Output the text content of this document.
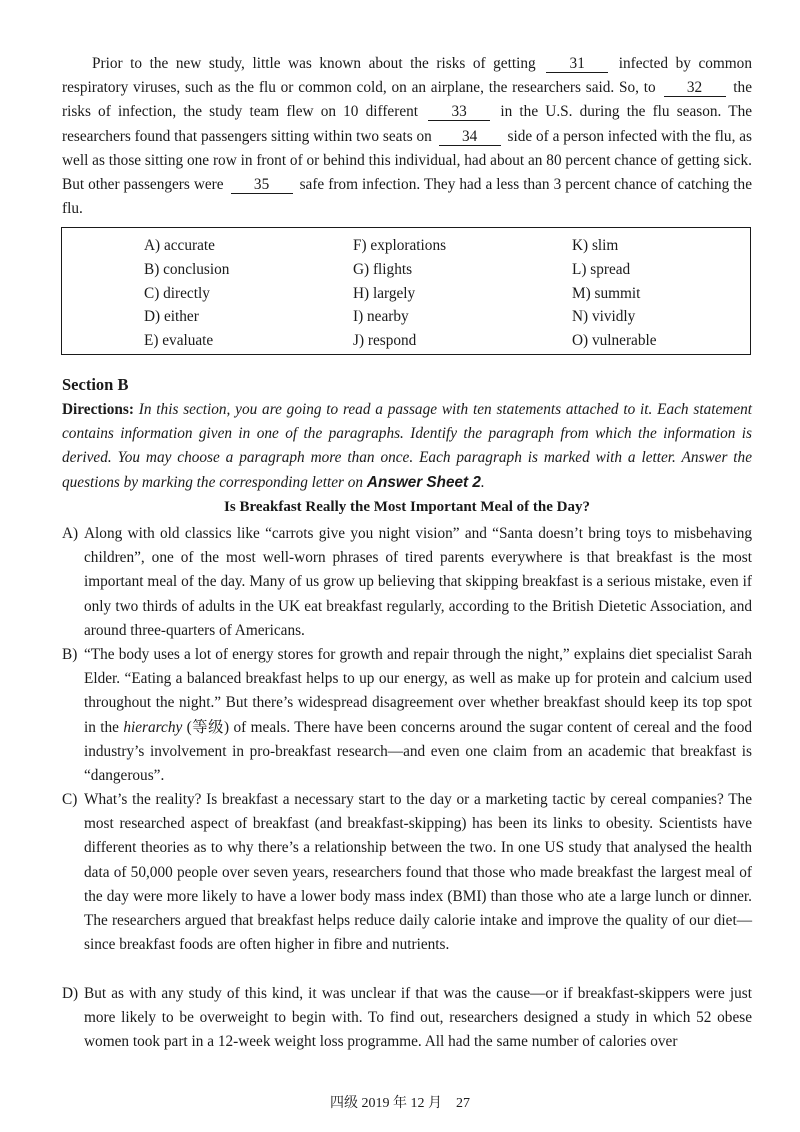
Prior to the new study, little was known about the risks of getting 31 infected by common respiratory viruses, such as the flu or common cold, on an airplane, the researchers said. So, to 32 the risks of infection, the study team flew on 10 different 33 in the U.S. during the flu season. The researchers found that passengers sitting within two seats on 34 side of a person infected with the flu, as well as those sitting one row in front of or behind this individual, had about an 80 percent chance of getting sick. But other passengers were 35 safe from infection. They had a less than 3 percent chance of catching the flu.

A) accurate
B) conclusion
C) directly
D) either
E) evaluate
F) explorations
G) flights
H) largely
I) nearby
J) respond
K) slim
L) spread
M) summit
N) vividly
O) vulnerable
Section B

Directions: In this section, you are going to read a passage with ten statements attached to it. Each statement contains information given in one of the paragraphs. Identify the paragraph from which the information is derived. You may choose a paragraph more than once. Each paragraph is marked with a letter. Answer the questions by marking the corresponding letter on Answer Sheet 2.

Is Breakfast Really the Most Important Meal of the Day?
A) Along with old classics like “carrots give you night vision” and “Santa doesn’t bring toys to misbehaving children”, one of the most well-worn phrases of tired parents everywhere is that breakfast is the most important meal of the day. Many of us grow up believing that skipping breakfast is a serious mistake, even if only two thirds of adults in the UK eat breakfast regularly, according to the British Dietetic Association, and around three-quarters of Americans.

B) “The body uses a lot of energy stores for growth and repair through the night,” explains diet specialist Sarah Elder. “Eating a balanced breakfast helps to up our energy, as well as make up for protein and calcium used throughout the night.” But there’s widespread disagreement over whether breakfast should keep its top spot in the hierarchy (等级) of meals. There have been concerns around the sugar content of cereal and the food industry’s involvement in pro-breakfast research—and even one claim from an academic that breakfast is “dangerous”.

C) What’s the reality? Is breakfast a necessary start to the day or a marketing tactic by cereal companies? The most researched aspect of breakfast (and breakfast-skipping) has been its links to obesity. Scientists have different theories as to why there’s a relationship between the two. In one US study that analysed the health data of 50,000 people over seven years, researchers found that those who made breakfast the largest meal of the day were more likely to have a lower body mass index (BMI) than those who ate a large lunch or dinner. The researchers argued that breakfast helps reduce daily calorie intake and improve the quality of our diet—since breakfast foods are often higher in fibre and nutrients.

D) But as with any study of this kind, it was unclear if that was the cause—or if breakfast-skippers were just more likely to be overweight to begin with. To find out, researchers designed a study in which 52 obese women took part in a 12-week weight loss programme. All had the same number of calories over

四级 2019 年 12 月 27
